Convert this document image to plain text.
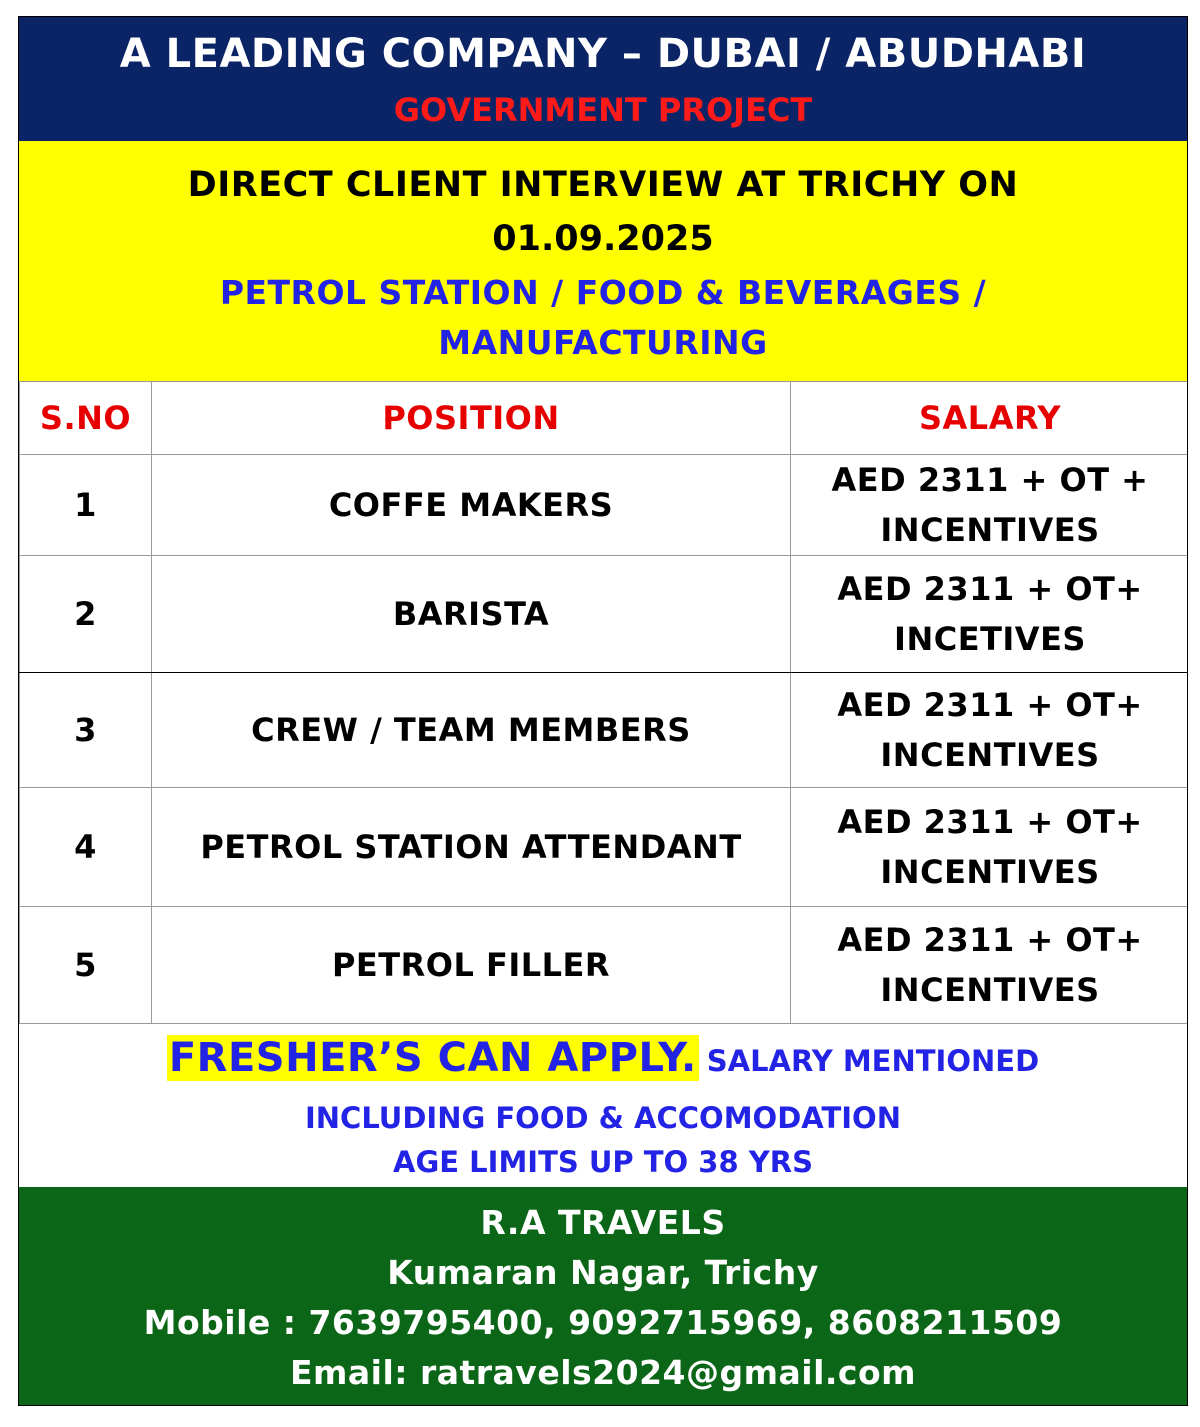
A LEADING COMPANY – DUBAI / ABUDHABI
GOVERNMENT PROJECT
DIRECT CLIENT INTERVIEW AT TRICHY ON
01.09.2025
PETROL STATION / FOOD & BEVERAGES /
MANUFACTURING
S.NO	POSITION	SALARY
1	COFFE MAKERS	AED 2311 + OT +
INCENTIVES
2	BARISTA	AED 2311 + OT+
INCETIVES
3	CREW / TEAM MEMBERS	AED 2311 + OT+
INCENTIVES
4	PETROL STATION ATTENDANT	AED 2311 + OT+
INCENTIVES
5	PETROL FILLER	AED 2311 + OT+
INCENTIVES
FRESHER’S CAN APPLY. SALARY MENTIONED
INCLUDING FOOD & ACCOMODATION
AGE LIMITS UP TO 38 YRS
R.A TRAVELS
Kumaran Nagar, Trichy
Mobile : 7639795400, 9092715969, 8608211509
Email: ratravels2024@gmail.com
